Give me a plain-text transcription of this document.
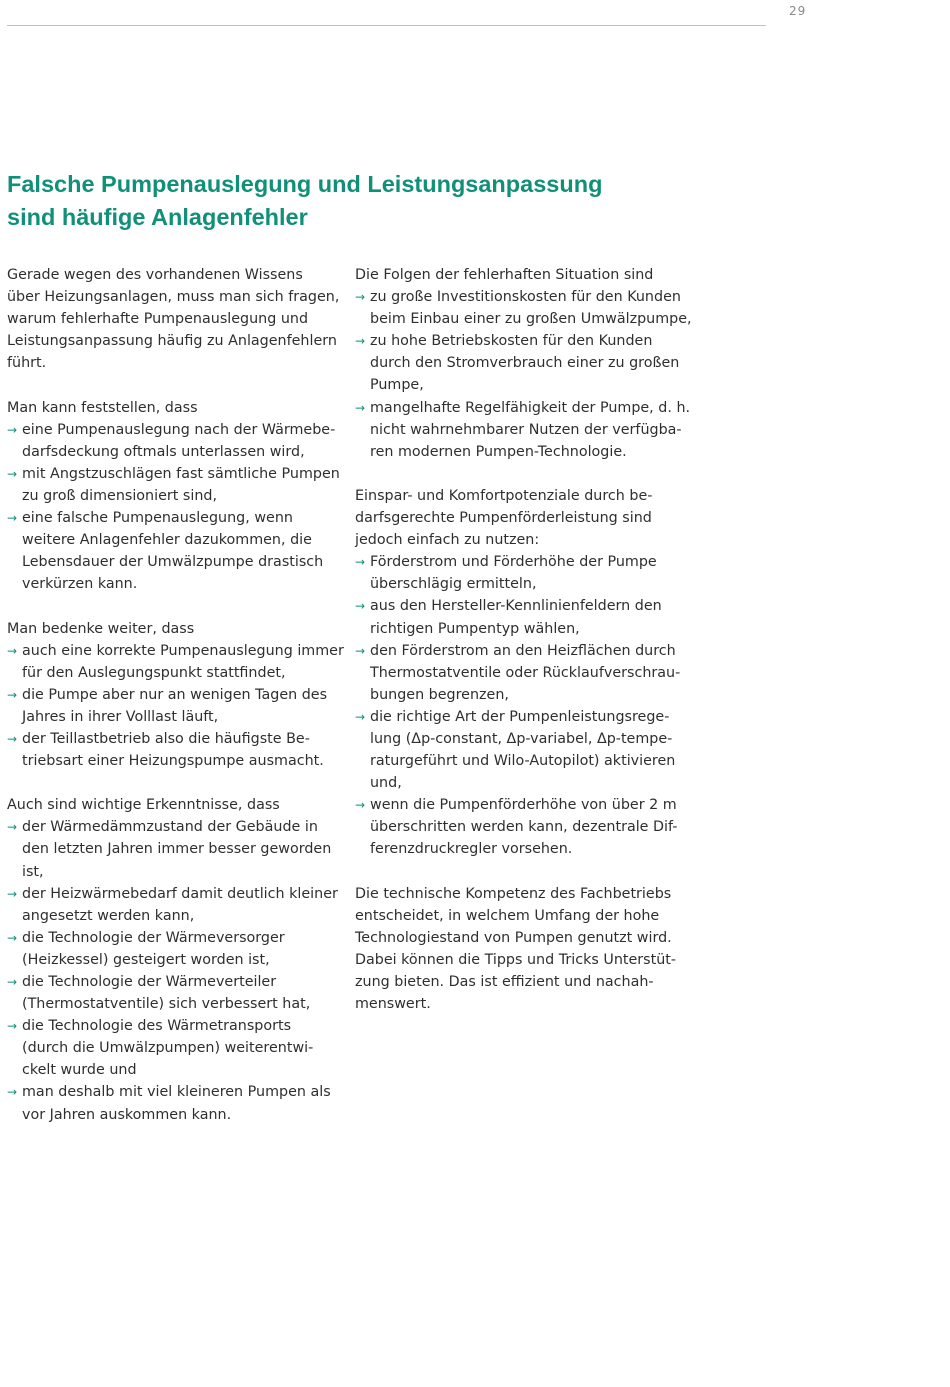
29
Falsche Pumpenauslegung und Leistungsanpassung
sind häufige Anlagenfehler
Gerade wegen des vorhandenen Wissens
über Heizungsanlagen, muss man sich fragen,
warum fehlerhafte Pumpenauslegung und
Leistungsanpassung häufig zu Anlagenfehlern
führt.
Man kann feststellen, dass
→ eine Pumpenauslegung nach der Wärmebe-
darfsdeckung oftmals unterlassen wird,
→ mit Angstzuschlägen fast sämtliche Pumpen
zu groß dimensioniert sind,
→ eine falsche Pumpenauslegung, wenn
weitere Anlagenfehler dazukommen, die
Lebensdauer der Umwälzpumpe drastisch
verkürzen kann.
Man bedenke weiter, dass
→ auch eine korrekte Pumpenauslegung immer
für den Auslegungspunkt stattfindet,
→ die Pumpe aber nur an wenigen Tagen des
Jahres in ihrer Volllast läuft,
→ der Teillastbetrieb also die häufigste Be-
triebsart einer Heizungspumpe ausmacht.
Auch sind wichtige Erkenntnisse, dass
→ der Wärmedämmzustand der Gebäude in
den letzten Jahren immer besser geworden
ist,
→ der Heizwärmebedarf damit deutlich kleiner
angesetzt werden kann,
→ die Technologie der Wärmeversorger
(Heizkessel) gesteigert worden ist,
→ die Technologie der Wärmeverteiler
(Thermostatventile) sich verbessert hat,
→ die Technologie des Wärmetransports
(durch die Umwälzpumpen) weiterentwi-
ckelt wurde und
→ man deshalb mit viel kleineren Pumpen als
vor Jahren auskommen kann.
Die Folgen der fehlerhaften Situation sind
→ zu große Investitionskosten für den Kunden
beim Einbau einer zu großen Umwälzpumpe,
→ zu hohe Betriebskosten für den Kunden
durch den Stromverbrauch einer zu großen
Pumpe,
→ mangelhafte Regelfähigkeit der Pumpe, d. h.
nicht wahrnehmbarer Nutzen der verfügba-
ren modernen Pumpen-Technologie.
Einspar- und Komfortpotenziale durch be-
darfsgerechte Pumpenförderleistung sind
jedoch einfach zu nutzen:
→ Förderstrom und Förderhöhe der Pumpe
überschlägig ermitteln,
→ aus den Hersteller-Kennlinienfeldern den
richtigen Pumpentyp wählen,
→ den Förderstrom an den Heizflächen durch
Thermostatventile oder Rücklaufverschrau-
bungen begrenzen,
→ die richtige Art der Pumpenleistungsrege-
lung (Δp-constant, Δp-variabel, Δp-tempe-
raturgeführt und Wilo-Autopilot) aktivieren
und,
→ wenn die Pumpenförderhöhe von über 2 m
überschritten werden kann, dezentrale Dif-
ferenzdruckregler vorsehen.
Die technische Kompetenz des Fachbetriebs
entscheidet, in welchem Umfang der hohe
Technologiestand von Pumpen genutzt wird.
Dabei können die Tipps und Tricks Unterstüt-
zung bieten. Das ist effizient und nachah-
menswert.
